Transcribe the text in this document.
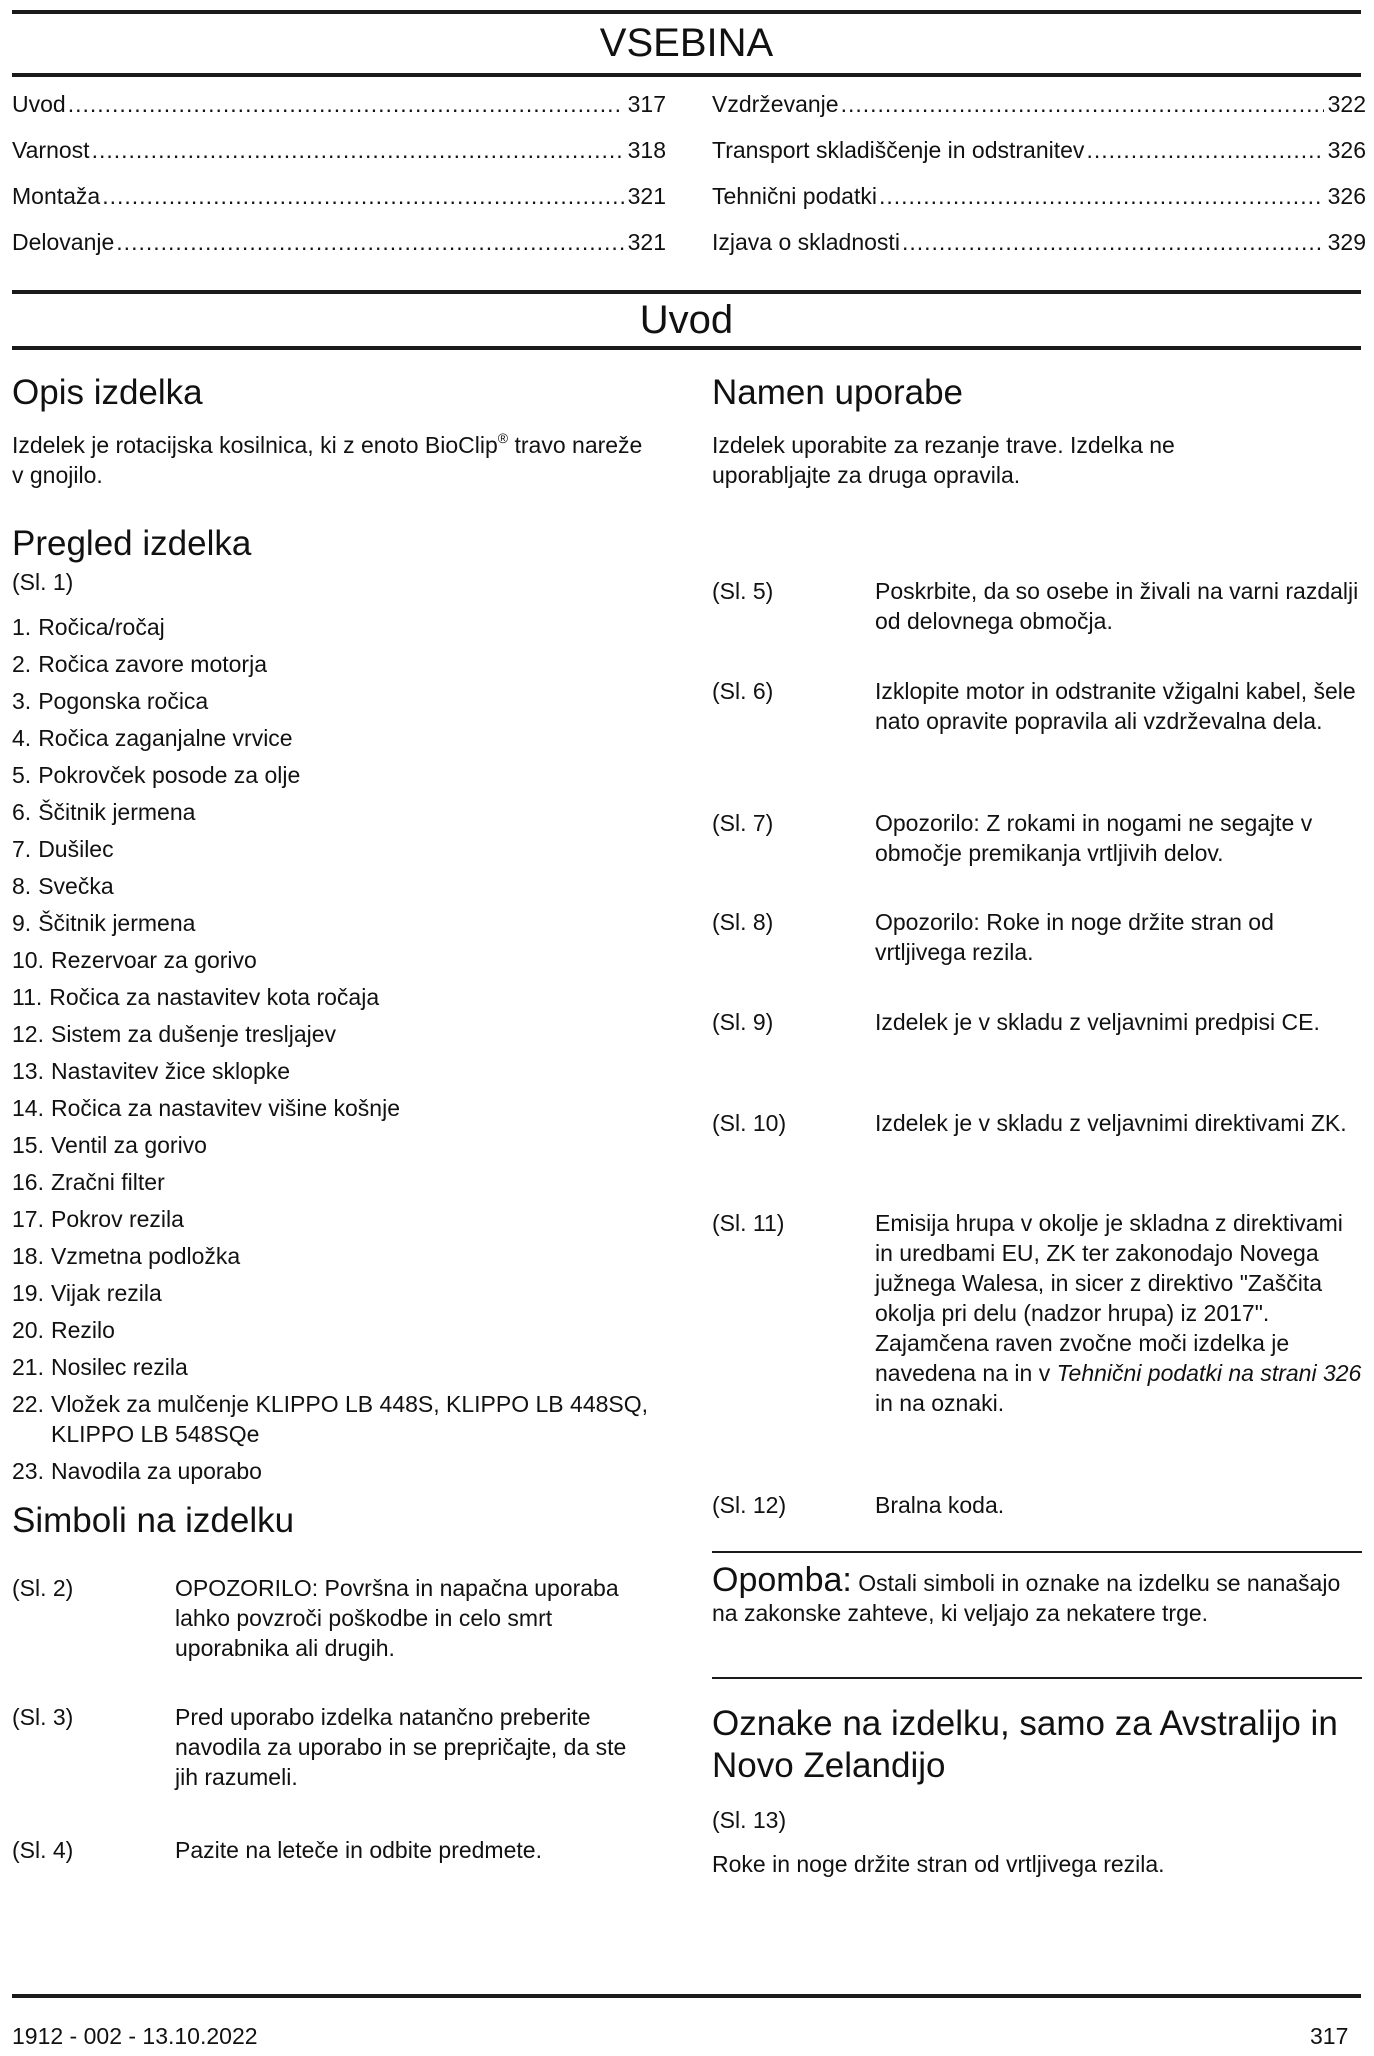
VSEBINA
Uvod .....	317
Varnost .....	318
Montaža .....	321
Delovanje .....	321
Vzdrževanje .....	322
Transport skladiščenje in odstranitev .....	326
Tehnični podatki .....	326
Izjava o skladnosti .....	329
Uvod
Opis izdelka
Izdelek je rotacijska kosilnica, ki z enoto BioClip® travo nareže v gnojilo.
Namen uporabe
Izdelek uporabite za rezanje trave. Izdelka ne uporabljajte za druga opravila.
Pregled izdelka
(Sl. 1)
1. Ročica/ročaj
2. Ročica zavore motorja
3. Pogonska ročica
4. Ročica zaganjalne vrvice
5. Pokrovček posode za olje
6. Ščitnik jermena
7. Dušilec
8. Svečka
9. Ščitnik jermena
10. Rezervoar za gorivo
11. Ročica za nastavitev kota ročaja
12. Sistem za dušenje tresljajev
13. Nastavitev žice sklopke
14. Ročica za nastavitev višine košnje
15. Ventil za gorivo
16. Zračni filter
17. Pokrov rezila
18. Vzmetna podložka
19. Vijak rezila
20. Rezilo
21. Nosilec rezila
22. Vložek za mulčenje KLIPPO LB 448S, KLIPPO LB 448SQ, KLIPPO LB 548SQe
23. Navodila za uporabo
Simboli na izdelku
(Sl. 2)	OPOZORILO: Površna in napačna uporaba lahko povzroči poškodbe in celo smrt uporabnika ali drugih.
(Sl. 3)	Pred uporabo izdelka natančno preberite navodila za uporabo in se prepričajte, da ste jih razumeli.
(Sl. 4)	Pazite na leteče in odbite predmete.
(Sl. 5)	Poskrbite, da so osebe in živali na varni razdalji od delovnega območja.
(Sl. 6)	Izklopite motor in odstranite vžigalni kabel, šele nato opravite popravila ali vzdrževalna dela.
(Sl. 7)	Opozorilo: Z rokami in nogami ne segajte v območje premikanja vrtljivih delov.
(Sl. 8)	Opozorilo: Roke in noge držite stran od vrtljivega rezila.
(Sl. 9)	Izdelek je v skladu z veljavnimi predpisi CE.
(Sl. 10)	Izdelek je v skladu z veljavnimi direktivami ZK.
(Sl. 11)	Emisija hrupa v okolje je skladna z direktivami in uredbami EU, ZK ter zakonodajo Novega južnega Walesa, in sicer z direktivo "Zaščita okolja pri delu (nadzor hrupa) iz 2017". Zajamčena raven zvočne moči izdelka je navedena na in v Tehnični podatki na strani 326 in na oznaki.
(Sl. 12)	Bralna koda.
Opomba: Ostali simboli in oznake na izdelku se nanašajo na zakonske zahteve, ki veljajo za nekatere trge.
Oznake na izdelku, samo za Avstralijo in Novo Zelandijo
(Sl. 13)
Roke in noge držite stran od vrtljivega rezila.
1912 - 002 - 13.10.2022	317
